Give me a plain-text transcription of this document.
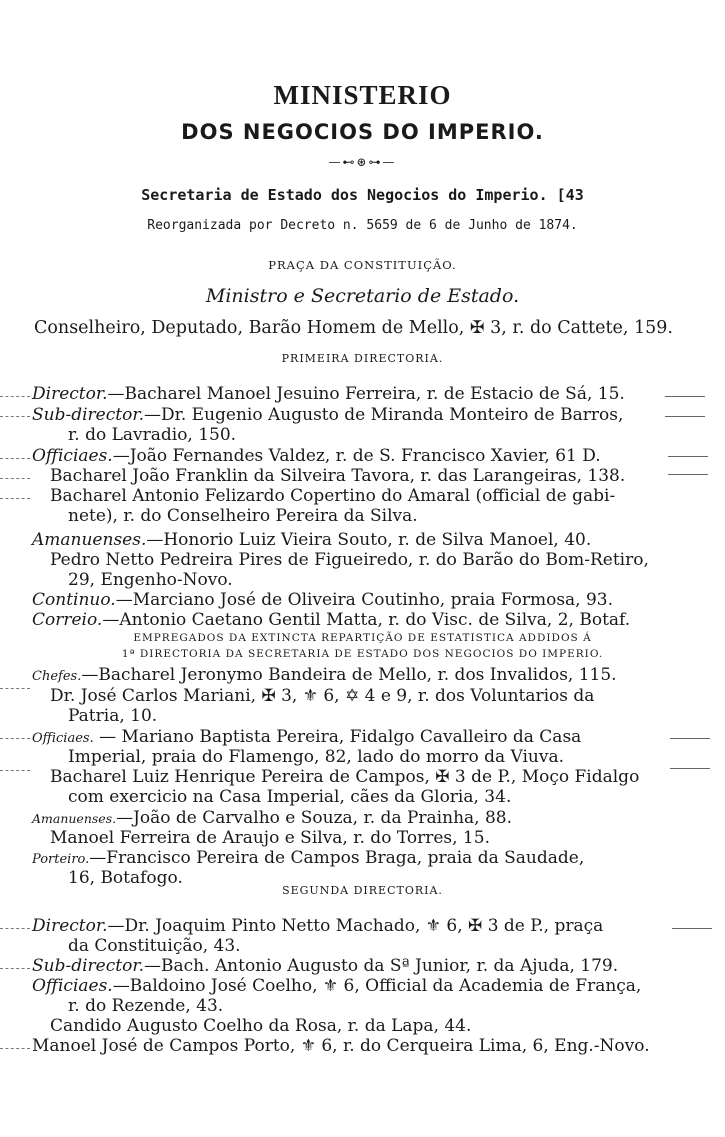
MINISTERIO
DOS NEGOCIOS DO IMPERIO.
—⊷⊛⊶—
Secretaria de Estado dos Negocios do Imperio. [43
Reorganizada por Decreto n. 5659 de 6 de Junho de 1874.
PRAÇA DA CONSTITUIÇÃO.
Ministro e Secretario de Estado.
Conselheiro, Deputado, Barão Homem de Mello, ✠ 3, r. do Cattete, 159.
PRIMEIRA DIRECTORIA.
Director.—Bacharel Manoel Jesuino Ferreira, r. de Estacio de Sá, 15.
Sub-director.—Dr. Eugenio Augusto de Miranda Monteiro de Barros,
r. do Lavradio, 150.
Officiaes.—João Fernandes Valdez, r. de S. Francisco Xavier, 61 D.
Bacharel João Franklin da Silveira Tavora, r. das Larangeiras, 138.
Bacharel Antonio Felizardo Copertino do Amaral (official de gabi-
nete), r. do Conselheiro Pereira da Silva.
Amanuenses.—Honorio Luiz Vieira Souto, r. de Silva Manoel, 40.
Pedro Netto Pedreira Pires de Figueiredo, r. do Barão do Bom-Retiro,
29, Engenho-Novo.
Continuo.—Marciano José de Oliveira Coutinho, praia Formosa, 93.
Correio.—Antonio Caetano Gentil Matta, r. do Visc. de Silva, 2, Botaf.
EMPREGADOS DA EXTINCTA REPARTIÇÃO DE ESTATISTICA ADDIDOS Á
1ª DIRECTORIA DA SECRETARIA DE ESTADO DOS NEGOCIOS DO IMPERIO.
Chefes.—Bacharel Jeronymo Bandeira de Mello, r. dos Invalidos, 115.
Dr. José Carlos Mariani, ✠ 3, ⚜ 6, ✡ 4 e 9, r. dos Voluntarios da
Patria, 10.
Officiaes. — Mariano Baptista Pereira, Fidalgo Cavalleiro da Casa
Imperial, praia do Flamengo, 82, lado do morro da Viuva.
Bacharel Luiz Henrique Pereira de Campos, ✠ 3 de P., Moço Fidalgo
com exercicio na Casa Imperial, cães da Gloria, 34.
Amanuenses.—João de Carvalho e Souza, r. da Prainha, 88.
Manoel Ferreira de Araujo e Silva, r. do Torres, 15.
Porteiro.—Francisco Pereira de Campos Braga, praia da Saudade,
16, Botafogo.
SEGUNDA DIRECTORIA.
Director.—Dr. Joaquim Pinto Netto Machado, ⚜ 6, ✠ 3 de P., praça
da Constituição, 43.
Sub-director.—Bach. Antonio Augusto da Sª Junior, r. da Ajuda, 179.
Officiaes.—Baldoino José Coelho, ⚜ 6, Official da Academia de França,
r. do Rezende, 43.
Candido Augusto Coelho da Rosa, r. da Lapa, 44.
Manoel José de Campos Porto, ⚜ 6, r. do Cerqueira Lima, 6, Eng.-Novo.
